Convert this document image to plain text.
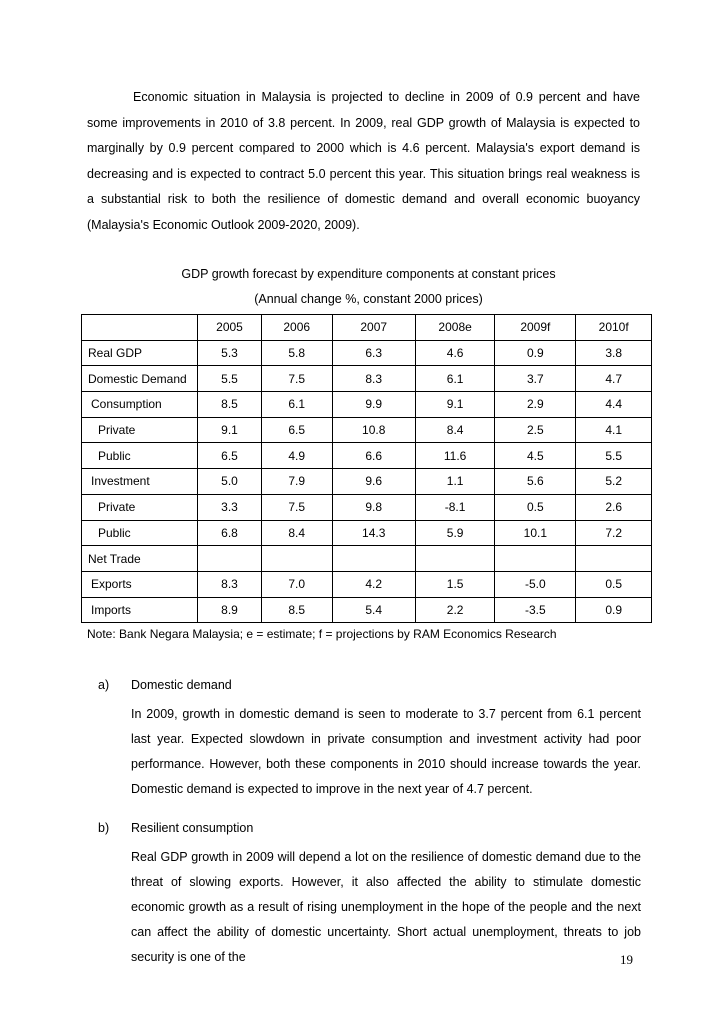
Economic situation in Malaysia is projected to decline in 2009 of 0.9 percent and have some improvements in 2010 of 3.8 percent. In 2009, real GDP growth of Malaysia is expected to marginally by 0.9 percent compared to 2000 which is 4.6 percent. Malaysia's export demand is decreasing and is expected to contract 5.0 percent this year. This situation brings real weakness is a substantial risk to both the resilience of domestic demand and overall economic buoyancy (Malaysia's Economic Outlook 2009-2020, 2009).

GDP growth forecast by expenditure components at constant prices

(Annual change %, constant 2000 prices)

	2005	2006	2007	2008e	2009f	2010f
Real GDP	5.3	5.8	6.3	4.6	0.9	3.8
Domestic Demand	5.5	7.5	8.3	6.1	3.7	4.7
Consumption	8.5	6.1	9.9	9.1	2.9	4.4
Private	9.1	6.5	10.8	8.4	2.5	4.1
Public	6.5	4.9	6.6	11.6	4.5	5.5
Investment	5.0	7.9	9.6	1.1	5.6	5.2
Private	3.3	7.5	9.8	-8.1	0.5	2.6
Public	6.8	8.4	14.3	5.9	10.1	7.2
Net Trade						
Exports	8.3	7.0	4.2	1.5	-5.0	0.5
Imports	8.9	8.5	5.4	2.2	-3.5	0.9

Note: Bank Negara Malaysia; e = estimate; f = projections by RAM Economics Research

a) Domestic demand

In 2009, growth in domestic demand is seen to moderate to 3.7 percent from 6.1 percent last year. Expected slowdown in private consumption and investment activity had poor performance. However, both these components in 2010 should increase towards the year. Domestic demand is expected to improve in the next year of 4.7 percent.

b) Resilient consumption

Real GDP growth in 2009 will depend a lot on the resilience of domestic demand due to the threat of slowing exports. However, it also affected the ability to stimulate domestic economic growth as a result of rising unemployment in the hope of the people and the next can affect the ability of domestic uncertainty. Short actual unemployment, threats to job security is one of the	19
